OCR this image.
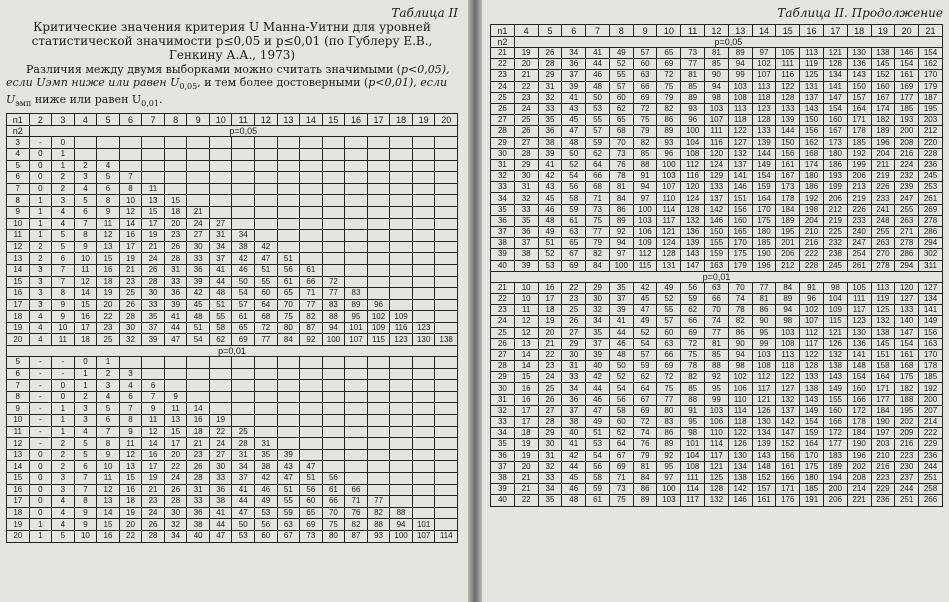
Таблица II
Критические значения критерия U Манна-Уитни для уровней
статистической значимости p≤0,05 и p≤0,01 (по Гублеру Е.В.,
Генкину А.А., 1973)
Различия между двумя выборками можно считать значимыми (p<0,05), если Uэмп ниже или равен $U_{0,05}$, и тем более достоверными (p<0,01), если $U_{эмп}$ ниже или равен $U_{0,01}$.
n1	2	3	4	5	6	7	8	9	10	11	12	13	14	15	16	17	18	19	20
n2	p=0,05																		
3	-	0																	
4	0	1																	
5	0	1	2	4															
6	0	2	3	5	7														
7	0	2	4	6	8	11													
8	1	3	5	8	10	13	15												
9	1	4	6	9	12	15	18	21											
10	1	4	7	11	14	17	20	24	27										
11	1	5	8	12	16	19	23	27	31	34									
12	2	5	9	13	17	21	26	30	34	38	42								
13	2	6	10	15	19	24	28	33	37	42	47	51							
14	3	7	11	16	21	26	31	36	41	46	51	56	61						
15	3	7	12	18	23	28	33	39	44	50	55	61	66	72					
16	3	8	14	19	25	30	36	42	48	54	60	65	71	77	83				
17	3	9	15	20	26	33	39	45	51	57	64	70	77	83	89	96			
18	4	9	16	22	28	35	41	48	55	61	68	75	82	88	95	102	109		
19	4	10	17	23	30	37	44	51	58	65	72	80	87	94	101	109	116	123	
20	4	11	18	25	32	39	47	54	62	69	77	84	92	100	107	115	123	130	138
p=0,01																			
5	-	-	0	1															
6	-	-	1	2	3														
7	-	0	1	3	4	6													
8	-	0	2	4	6	7	9												
9	-	1	3	5	7	9	11	14											
10	-	1	3	6	8	11	13	16	19										
11	-	1	4	7	9	12	15	18	22	25									
12	-	2	5	8	11	14	17	21	24	28	31								
13	0	2	5	9	12	16	20	23	27	31	35	39							
14	0	2	6	10	13	17	22	26	30	34	38	43	47						
15	0	3	7	11	15	19	24	28	33	37	42	47	51	56					
16	0	3	7	12	16	21	26	31	36	41	46	51	56	61	66				
17	0	4	8	13	18	23	28	33	38	44	49	55	60	66	71	77			
18	0	4	9	14	19	24	30	36	41	47	53	59	65	70	76	82	88		
19	1	4	9	15	20	26	32	38	44	50	56	63	69	75	82	88	94	101	
20	1	5	10	16	22	28	34	40	47	53	60	67	73	80	87	93	100	107	114
Таблица II. Продолжение
n1	4	5	6	7	8	9	10	11	12	13	14	15	16	17	18	19	20	21
n2	p=0,05																	
21	19	26	34	41	49	57	65	73	81	89	97	105	113	121	130	138	146	154
22	20	28	36	44	52	60	69	77	85	94	102	111	119	128	136	145	154	162
23	21	29	37	46	55	63	72	81	90	99	107	116	125	134	143	152	161	170
24	22	31	39	48	57	66	75	85	94	103	113	122	131	141	150	160	169	179
25	23	32	41	50	60	69	79	89	98	108	118	128	137	147	157	167	177	187
26	24	33	43	53	62	72	82	93	103	113	123	133	143	154	164	174	185	195
27	25	35	45	55	65	75	86	96	107	118	128	139	150	160	171	182	193	203
28	26	36	47	57	68	79	89	100	111	122	133	144	156	167	178	189	200	212
29	27	38	48	59	70	82	93	104	116	127	139	150	162	173	185	196	208	220
30	28	39	50	62	73	85	96	108	120	132	144	156	168	180	192	204	216	228
31	29	41	52	64	76	88	100	112	124	137	149	161	174	186	199	211	224	236
32	30	42	54	66	78	91	103	116	129	141	154	167	180	193	206	219	232	245
33	31	43	56	68	81	94	107	120	133	146	159	173	186	199	213	226	239	253
34	32	45	58	71	84	97	110	124	137	151	164	178	192	206	219	233	247	261
35	33	46	59	73	86	100	114	128	142	156	170	184	198	212	226	241	255	269
36	35	48	61	75	89	103	117	132	146	160	175	189	204	219	233	248	263	278
37	36	49	63	77	92	106	121	136	150	165	180	195	210	225	240	255	271	286
38	37	51	65	79	94	109	124	139	155	170	185	201	216	232	247	263	278	294
39	38	52	67	82	97	112	128	143	159	175	190	206	222	238	254	270	286	302
40	39	53	69	84	100	115	131	147	163	179	196	212	228	245	261	278	294	311
p=0,01																		
21	10	16	22	29	35	42	49	56	63	70	77	84	91	98	105	113	120	127
22	10	17	23	30	37	45	52	59	66	74	81	89	96	104	111	119	127	134
23	11	18	25	32	39	47	55	62	70	78	86	94	102	109	117	125	133	141
24	12	19	26	34	41	49	57	66	74	82	90	98	107	115	123	132	140	149
25	12	20	27	35	44	52	60	69	77	86	95	103	112	121	130	138	147	156
26	13	21	29	37	46	54	63	72	81	90	99	108	117	126	136	145	154	163
27	14	22	30	39	48	57	66	75	85	94	103	113	122	132	141	151	161	170
28	14	23	31	40	50	59	69	78	88	98	108	118	128	138	148	158	168	178
29	15	24	33	42	52	62	72	82	92	102	112	122	133	143	154	164	175	185
30	16	25	34	44	54	64	75	85	95	106	117	127	138	149	160	171	182	192
31	16	26	36	46	56	67	77	88	99	110	121	132	143	155	166	177	188	200
32	17	27	37	47	58	69	80	91	103	114	126	137	149	160	172	184	195	207
33	17	28	38	49	60	72	83	95	106	118	130	142	154	166	178	190	202	214
34	18	29	40	51	62	74	86	98	110	122	134	147	159	172	184	197	209	222
35	19	30	41	53	64	76	89	101	114	126	139	152	164	177	190	203	216	229
36	19	31	42	54	67	79	92	104	117	130	143	156	170	183	196	210	223	236
37	20	32	44	56	69	81	95	108	121	134	148	161	175	189	202	216	230	244
38	21	33	45	58	71	84	97	111	125	138	152	166	180	194	208	223	237	251
39	21	34	46	59	73	86	100	114	128	142	157	171	185	200	214	229	244	258
40	22	35	48	61	75	89	103	117	132	146	161	176	191	206	221	236	251	266
